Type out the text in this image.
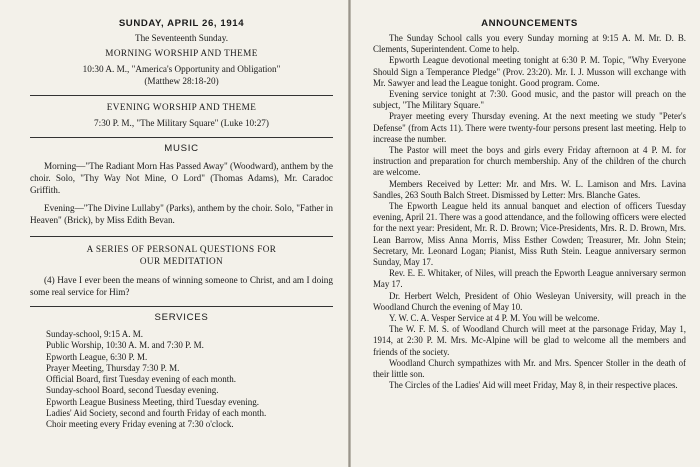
SUNDAY, APRIL 26, 1914

The Seventeenth Sunday.

MORNING WORSHIP AND THEME

10:30 A. M., "America's Opportunity and Obligation"

(Matthew 28:18-20)

EVENING WORSHIP AND THEME

7:30 P. M., "The Military Square" (Luke 10:27)

MUSIC

Morning—"The Radiant Morn Has Passed Away" (Woodward), anthem by the choir. Solo, "Thy Way Not Mine, O Lord" (Thomas Adams), Mr. Caradoc Griffith.

Evening—"The Divine Lullaby" (Parks), anthem by the choir. Solo, "Father in Heaven" (Brick), by Miss Edith Bevan.

A SERIES OF PERSONAL QUESTIONS FOR

OUR MEDITATION

(4) Have I ever been the means of winning someone to Christ, and am I doing some real service for Him?

SERVICES

Sunday-school, 9:15 A. M.

Public Worship, 10:30 A. M. and 7:30 P. M.

Epworth League, 6:30 P. M.

Prayer Meeting, Thursday 7:30 P. M.

Official Board, first Tuesday evening of each month.

Sunday-school Board, second Tuesday evening.

Epworth League Business Meeting, third Tuesday evening.

Ladies' Aid Society, second and fourth Friday of each month.

Choir meeting every Friday evening at 7:30 o'clock.

ANNOUNCEMENTS

The Sunday School calls you every Sunday morning at 9:15 A. M. Mr. D. B. Clements, Superintendent. Come to help.

Epworth League devotional meeting tonight at 6:30 P. M. Topic, "Why Everyone Should Sign a Temperance Pledge" (Prov. 23:20). Mr. I. J. Musson will exchange with Mr. Sawyer and lead the League tonight. Good program. Come.

Evening service tonight at 7:30. Good music, and the pastor will preach on the subject, "The Military Square."

Prayer meeting every Thursday evening. At the next meeting we study "Peter's Defense" (from Acts 11). There were twenty-four persons present last meeting. Help to increase the number.

The Pastor will meet the boys and girls every Friday afternoon at 4 P. M. for instruction and preparation for church membership. Any of the children of the church are welcome.

Members Received by Letter: Mr. and Mrs. W. L. Lamison and Mrs. Lavina Sandles, 263 South Balch Street. Dismissed by Letter: Mrs. Blanche Gates.

The Epworth League held its annual banquet and election of officers Tuesday evening, April 21. There was a good attendance, and the following officers were elected for the next year: President, Mr. R. D. Brown; Vice-Presidents, Mrs. R. D. Brown, Mrs. Lean Barrow, Miss Anna Morris, Miss Esther Cowden; Treasurer, Mr. John Stein; Secretary, Mr. Leonard Logan; Pianist, Miss Ruth Stein. League anniversary sermon Sunday, May 17.

Rev. E. E. Whitaker, of Niles, will preach the Epworth League anniversary sermon May 17.

Dr. Herbert Welch, President of Ohio Wesleyan University, will preach in the Woodland Church the evening of May 10.

Y. W. C. A. Vesper Service at 4 P. M. You will be welcome.

The W. F. M. S. of Woodland Church will meet at the parsonage Friday, May 1, 1914, at 2:30 P. M. Mrs. Mc-Alpine will be glad to welcome all the members and friends of the society.

Woodland Church sympathizes with Mr. and Mrs. Spencer Stoller in the death of their little son.

The Circles of the Ladies' Aid will meet Friday, May 8, in their respective places.
